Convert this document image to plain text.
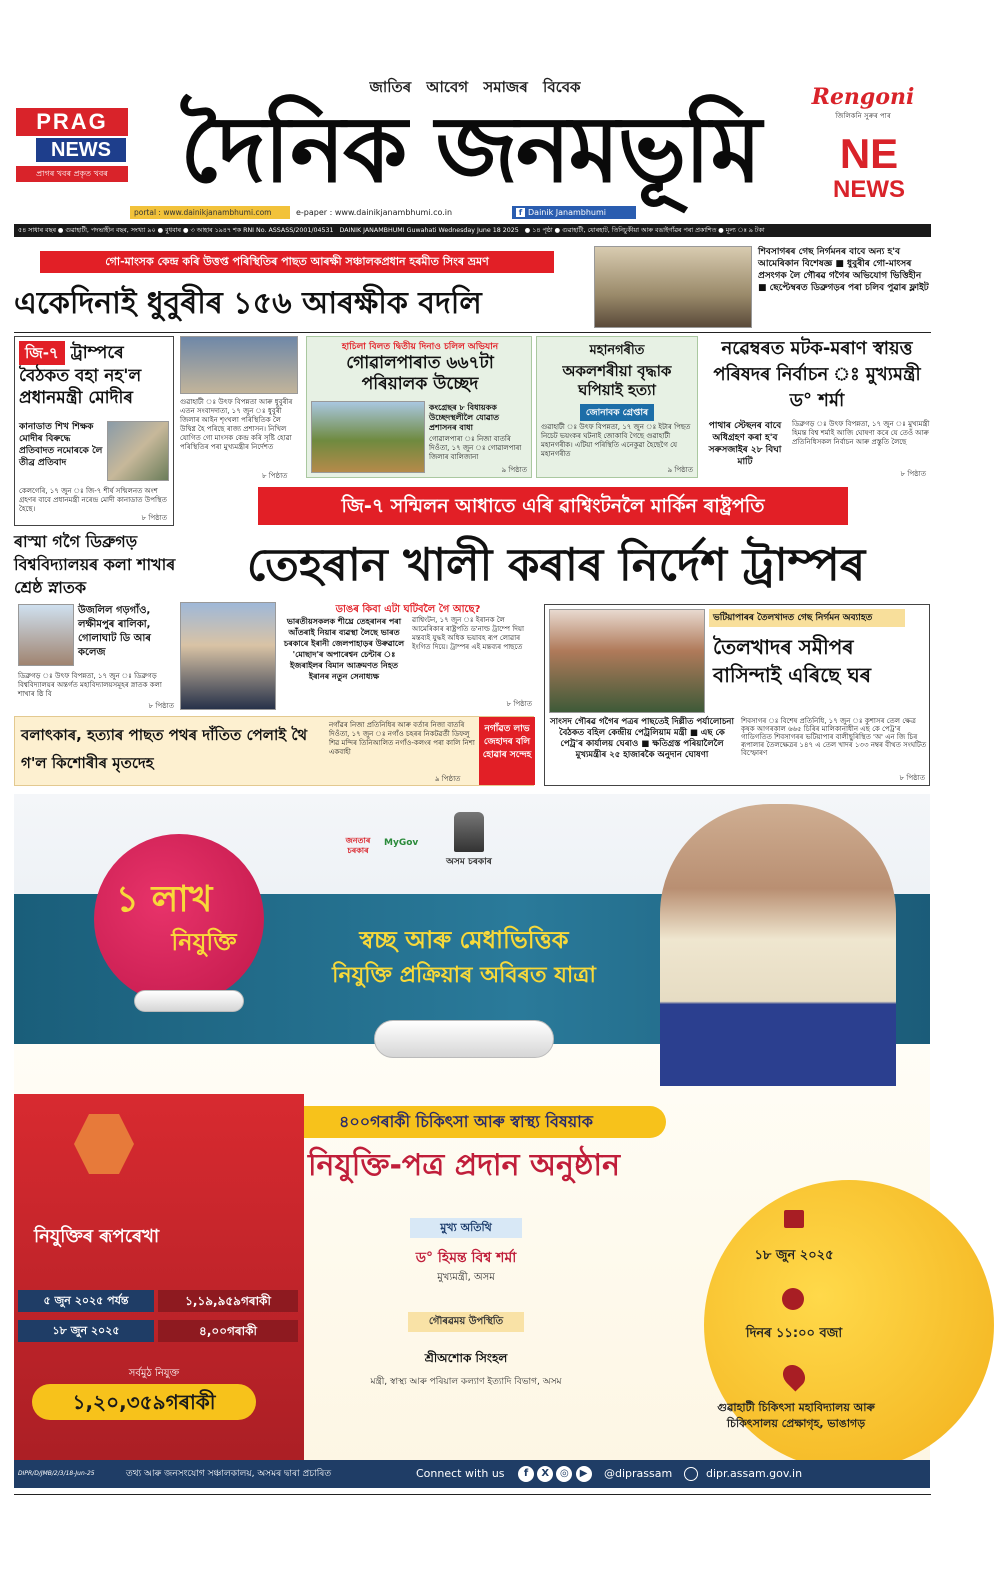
PRAG
NEWS
প্ৰাগৰ খবৰ প্ৰকৃত খবৰ
জাতিৰ আবেগ সমাজৰ বিবেক
দৈনিক জনমভূমি	Rengoni
জিলিকনি সুৰুৰ পাৰ
NE
NEWS
portal : www.dainikjanambhumi.com	e-paper : www.dainikjanambhumi.co.in	f Dainik Janambhumi
৫৪ সাধাৰ বছৰ ● গুৱাহাটী, পদভাহীন বছৰ, সংখ্যা ৯০ ● বুধবাৰ ● ৩ আহাৰ ১৯৪৭ শক RNI No. ASSASS/2001/04531 DAINIK JANAMBHUMI Guwahati Wednesday June 18 2025 ● ১৪ পৃষ্ঠা ● গুৱাহাটী, যোৰহাট, তিনিচুকীয়া আৰু বঙাইগাঁৱৰ পৰা প্ৰকাশিত ● মূল্য ঃ ৯ টকা
গো-মাংসক কেন্দ্ৰ কৰি উত্তপ্ত পৰিস্থিতিৰ পাছত আৰক্ষী সঞ্চালকপ্ৰধান হৰমীত সিংৰ ভ্ৰমণ
একেদিনাই ধুবুৰীৰ ১৫৬ আৰক্ষীক বদলি
শিবসাগৰৰ গেছ নিৰ্গমনৰ বাবে অন্য হ'ব আমেৰিকান বিশেষজ্ঞ ■ ধুবুৰীৰ গো-মাংসৰ প্ৰসংগক লৈ গৌৰৱ গগৈৰ অভিযোগ ভিত্তিহীন ■ ছেপ্টেম্বৰত ডিব্ৰুগড়ৰ পৰা চলিব পুৱাৰ ফ্লাইট
জি-৭ ট্ৰাম্পৰে বৈঠকত বহা নহ'ল প্ৰধানমন্ত্ৰী মোদীৰ
কানাডাত শিখ শিক্ষক মোদীৰ বিৰুদ্ধে প্ৰতিবাদত নমোৰকে লৈ তীব্ৰ প্ৰতিবাদ
কেলগেৰি, ১৭ জুন ঃ জি-৭ শীৰ্ষ সন্মিলনত অংশ গ্ৰহণৰ বাবে প্ৰধানমন্ত্ৰী নৰেন্দ্ৰ মোদী কানাডাত উপস্থিত হৈছে।
৮ পিষ্ঠাত
গুৱাহাটী ঃ উৎফ বিপন্নতা আৰু ধুবুৰীৰ এতন সংবাদদাতা, ১৭ জুন ঃ ধুবুৰী জিলাৰ আইন শৃংখলা পৰিস্থিতিক লৈ উদ্বিগ্ন হৈ পৰিছে ৰাজ্য প্ৰশাসন। নিখিল যোগিত গো মাংসক কেন্দ্ৰ কৰি সৃষ্টি হোৱা পৰিস্থিতিৰ পৰা মুখ্যমন্ত্ৰীৰ নিৰ্দেশত
৮ পিষ্ঠাত
হাচিলা বিলত দ্বিতীয় দিনাও চলিল অভিযান
গোৱালপাৰাত ৬৬৭টা পৰিয়ালক উচ্ছেদ
কংগ্ৰেছৰ ৮ বিধায়কক উচ্ছেদস্থলীলৈ যোৱাত প্ৰশাসনৰ বাধা
গোৱালপাৰা ঃ নিজা বাতৰি দিওঁতা, ১৭ জুন ঃ গোৱালপাৰা জিলাৰ বালিজানা
৯ পিষ্ঠাত
মহানগৰীত
অকলশৰীয়া বৃদ্ধাক ঘপিয়াই হত্যা
জোনাবক গ্ৰেপ্তাৰ
গুৱাহাটী ঃ উৎফ বিপন্নতা, ১৭ জুন ঃ ইটাৰ পিছত নিচেট ভয়ংকৰ ঘটনাই জোকাবি গৈছে গুৱাহাটী মহানগৰীক। এটিয়া পৰিস্থিতি এনেকুৱা হৈছেগৈ যে মহানগৰীত
৯ পিষ্ঠাত
নৱেম্বৰত মটক-মৰাণ স্বায়ত্ত পৰিষদৰ নিৰ্বাচন ঃ মুখ্যমন্ত্ৰী ড° শৰ্মা
পাথাৰ স্টেছনৰ বাবে অধিগ্ৰহণ কৰা হ'ব সৰুসজাইৰ ২৮ বিঘা মাটি
ডিব্ৰুগড় ঃ উৎফ বিপন্নতা, ১৭ জুন ঃ মুখ্যমন্ত্ৰী হিমন্ত বিশ্ব শৰ্মাই আজি ঘোষণা কৰে যে তেওঁ আৰু প্ৰতিনিধিসকল নিৰ্বাচন আৰু প্ৰস্তুতি লৈছে
৮ পিষ্ঠাত
জি-৭ সন্মিলন আধাতে এৰি ৱাশ্বিংটনলৈ মাৰ্কিন ৰাষ্ট্ৰপতি
তেহৰান খালী কৰাৰ নিৰ্দেশ ট্ৰাম্পৰ
ৰাস্মা গগৈ ডিব্ৰুগড় বিশ্ববিদ্যালয়ৰ কলা শাখাৰ শ্ৰেষ্ঠ স্নাতক
উজলিল গড়গাঁও, লক্ষীমপুৰ ৰালিকা, গোলাঘাট ডি আৰ কলেজ
ডিব্ৰুগড় ঃ উৎফ বিপন্নতা, ১৭ জুন ঃ ডিব্ৰুগড় বিশ্ববিদ্যালয়ৰ অন্তৰ্গত মহাবিদ্যালয়সমূহৰ স্নাতক কলা শাখাৰ ষ্ঠি বি
৮ পিষ্ঠাত
ডাঙৰ কিবা এটা ঘটিবলৈ গৈ আছে?
ভাৰতীয়সকলক শীঘ্ৰে তেহৰানৰ পৰা আঁতৰাই নিয়াৰ ব্যৱস্থা লৈছে ভাৰত চৰকাৰে ইৰানী জেলপাহাড়ৰ উৰুৱালে 'মোছাদ'ৰ অপাৰেশ্বন চেন্টাৰ ঃ ইজৰাইলৰ বিমান আক্ৰমণত নিহত ইৰানৰ নতুন সেনাধ্যক্ষ
ৱাশ্বিংটন, ১৭ জুন ঃ ইৰানক লৈ আমেৰিকাৰ ৰাষ্ট্ৰপতি ড'নাল্ড ট্ৰাম্পে দিয়া মন্তব্যই যুদ্ধই অধিক ভয়াবহ ৰূপ লোৱাৰ ইংগিত দিয়ে। ট্ৰাম্পৰ এই মন্তব্যৰ পাছতে
৮ পিষ্ঠাত
ভটিয়াপাৰৰ তৈলখাদত গেছ নিৰ্গমন অব্যাহত
তৈলখাদৰ সমীপৰ বাসিন্দাই এৰিছে ঘৰ
সাংসদ গৌৰৱ গগৈৰ পত্ৰৰ পাছতেই দিল্লীত পৰ্যালোচনা বৈঠকত বহিল কেন্দ্ৰীয় পেট্ৰলিয়াম মন্ত্ৰী ■ এছ কে পেট্ৰ'ৰ কাৰ্যালয় ঘেৰাও ■ ক্ষতিগ্ৰস্ত পৰিয়ালৈলৈ মুখ্যমন্ত্ৰীৰ ২৫ হাজাৰকৈ অনুদান ঘোষণা
শিবসাগৰ ঃ বিশেষ প্ৰতিনিধি, ১৭ জুন ঃ কুশাসৰ তেল ক্ষেত্ৰ কৃষক আগৰকাল ৬৬৫ চিৰিৰ মালিকানাধীন এছ কে পেট্ৰ'ৰ গাডিগতিত শিবসাগৰৰ ভটিয়াপাৰ বালীছুৰিস্থিত 'অ' এন জি চিৰ ৰূপালাৰ তৈলক্ষেত্ৰৰ ১৪৭ এ তেল খাদৰ ১৩৩ নম্বৰ বীথত সংঘটিত বিস্ফোৰণ
৮ পিষ্ঠাত
বলাৎকাৰ, হত্যাৰ পাছত পথৰ দাঁতিত পেলাই থৈ গ'ল কিশোৰীৰ মৃতদেহ
নগাঁৱৰ নিজা প্ৰতিনিধিৰ আৰু বৰ্তাৰ নিজা বাতৰি দিওঁতা, ১৭ জুন ঃ নগাঁও চহৰৰ নিকটৱৰ্তী ডিফলু শিৱ মন্দিৰ তিনিআলিত নগাঁও-কলংৰ পৰা কালি নিশা একবাহী
৯ পিষ্ঠাত
নগাঁৱত লাভ জেহাদৰ বলি হোৱাৰ সন্দেহ
জনতাৰ চৰকাৰ
MyGov
অসম চৰকাৰ
১ লাখ
নিযুক্তি	স্বচ্ছ আৰু মেধাভিত্তিক
নিযুক্তি প্ৰক্ৰিয়াৰ অবিৰত যাত্ৰা
৪০০গৰাকী চিকিৎসা আৰু স্বাস্থ্য বিষয়াক
নিযুক্তি-পত্ৰ প্ৰদান অনুষ্ঠান
নিযুক্তিৰ ৰূপৰেখা
৫ জুন ২০২৫ পৰ্যন্ত	১,১৯,৯৫৯গৰাকী
১৮ জুন ২০২৫	৪,০০গৰাকী
সৰ্বমুঠ নিযুক্ত
১,২০,৩৫৯গৰাকী
মুখ্য অতিথি
ড° হিমন্ত বিশ্ব শৰ্মা
মুখ্যমন্ত্ৰী, অসম
গৌৰৱময় উপস্থিতি
শ্ৰীঅশোক সিংহল
মন্ত্ৰী, স্বাস্থ্য আৰু পৰিয়াল কল্যাণ ইত্যাদি বিভাগ, অসম
১৮ জুন ২০২৫
দিনৰ ১১:০০ বজা
গুৱাহাটী চিকিৎসা মহাবিদ্যালয় আৰু চিকিৎসালয় প্ৰেক্ষাগৃহ, ভাঙাগড়
DIPR/D/JMB/2/3/18-Jun-25	তথ্য আৰু জনসংযোগ সঞ্চালকালয়, অসমৰ দ্বাৰা প্ৰচাৰিত	Connect with us	f X ◎ ▶	@diprassam	dipr.assam.gov.in
